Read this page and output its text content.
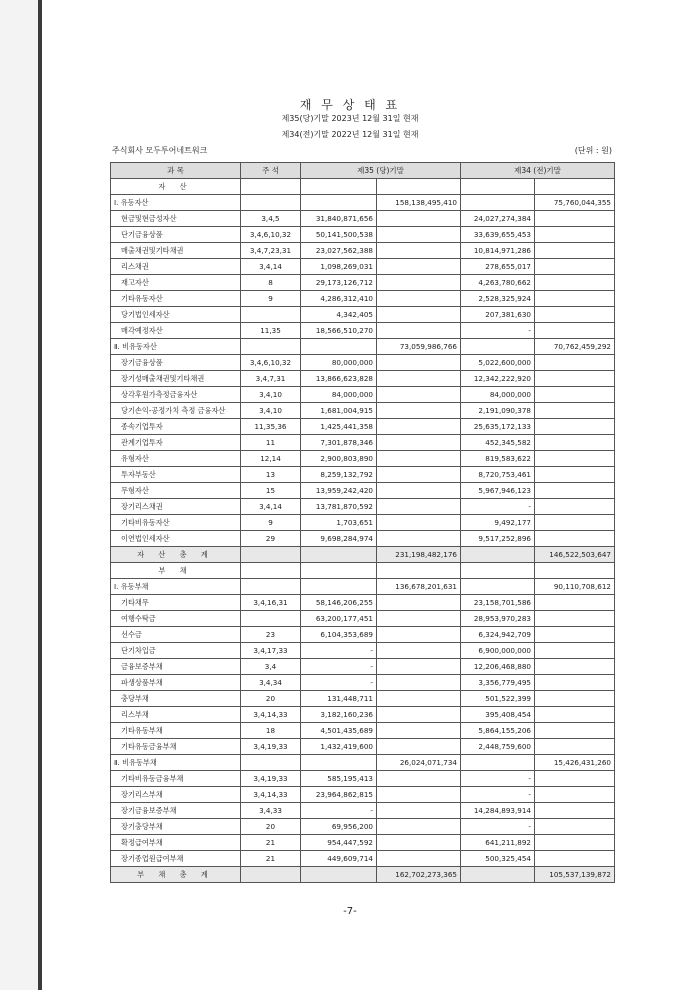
재 무 상 태 표
제35(당)기말 2023년 12월 31일 현재
제34(전)기말 2022년 12월 31일 현재
주식회사 모두투어네트워크	(단위 : 원)
과 목	주 석	제35 (당)기말		제34 (전)기말	
자 산					
Ⅰ. 유동자산			158,138,495,410		75,760,044,355
현금및현금성자산	3,4,5	31,840,871,656		24,027,274,384	
단기금융상품	3,4,6,10,32	50,141,500,538		33,639,655,453	
매출채권및기타채권	3,4,7,23,31	23,027,562,388		10,814,971,286	
리스채권	3,4,14	1,098,269,031		278,655,017	
재고자산	8	29,173,126,712		4,263,780,662	
기타유동자산	9	4,286,312,410		2,528,325,924	
당기법인세자산		4,342,405		207,381,630	
매각예정자산	11,35	18,566,510,270		-	
Ⅱ. 비유동자산			73,059,986,766		70,762,459,292
장기금융상품	3,4,6,10,32	80,000,000		5,022,600,000	
장기성매출채권및기타채권	3,4,7,31	13,866,623,828		12,342,222,920	
상각후원가측정금융자산	3,4,10	84,000,000		84,000,000	
당기손익-공정가치 측정 금융자산	3,4,10	1,681,004,915		2,191,090,378	
종속기업투자	11,35,36	1,425,441,358		25,635,172,133	
관계기업투자	11	7,301,878,346		452,345,582	
유형자산	12,14	2,900,803,890		819,583,622	
투자부동산	13	8,259,132,792		8,720,753,461	
무형자산	15	13,959,242,420		5,967,946,123	
장기리스채권	3,4,14	13,781,870,592		-	
기타비유동자산	9	1,703,651		9,492,177	
이연법인세자산	29	9,698,284,974		9,517,252,896	
자 산 총 계			231,198,482,176		146,522,503,647
부 채					
Ⅰ. 유동부채			136,678,201,631		90,110,708,612
기타채무	3,4,16,31	58,146,206,255		23,158,701,586	
여행수탁금		63,200,177,451		28,953,970,283	
선수금	23	6,104,353,689		6,324,942,709	
단기차입금	3,4,17,33	-		6,900,000,000	
금융보증부채	3,4	-		12,206,468,880	
파생상품부채	3,4,34	-		3,356,779,495	
충당부채	20	131,448,711		501,522,399	
리스부채	3,4,14,33	3,182,160,236		395,408,454	
기타유동부채	18	4,501,435,689		5,864,155,206	
기타유동금융부채	3,4,19,33	1,432,419,600		2,448,759,600	
Ⅱ. 비유동부채			26,024,071,734		15,426,431,260
기타비유동금융부채	3,4,19,33	585,195,413		-	
장기리스부채	3,4,14,33	23,964,862,815		-	
장기금융보증부채	3,4,33	-		14,284,893,914	
장기충당부채	20	69,956,200		-	
확정급여부채	21	954,447,592		641,211,892	
장기종업원급여부채	21	449,609,714		500,325,454	
부 채 총 계			162,702,273,365		105,537,139,872
-7-
